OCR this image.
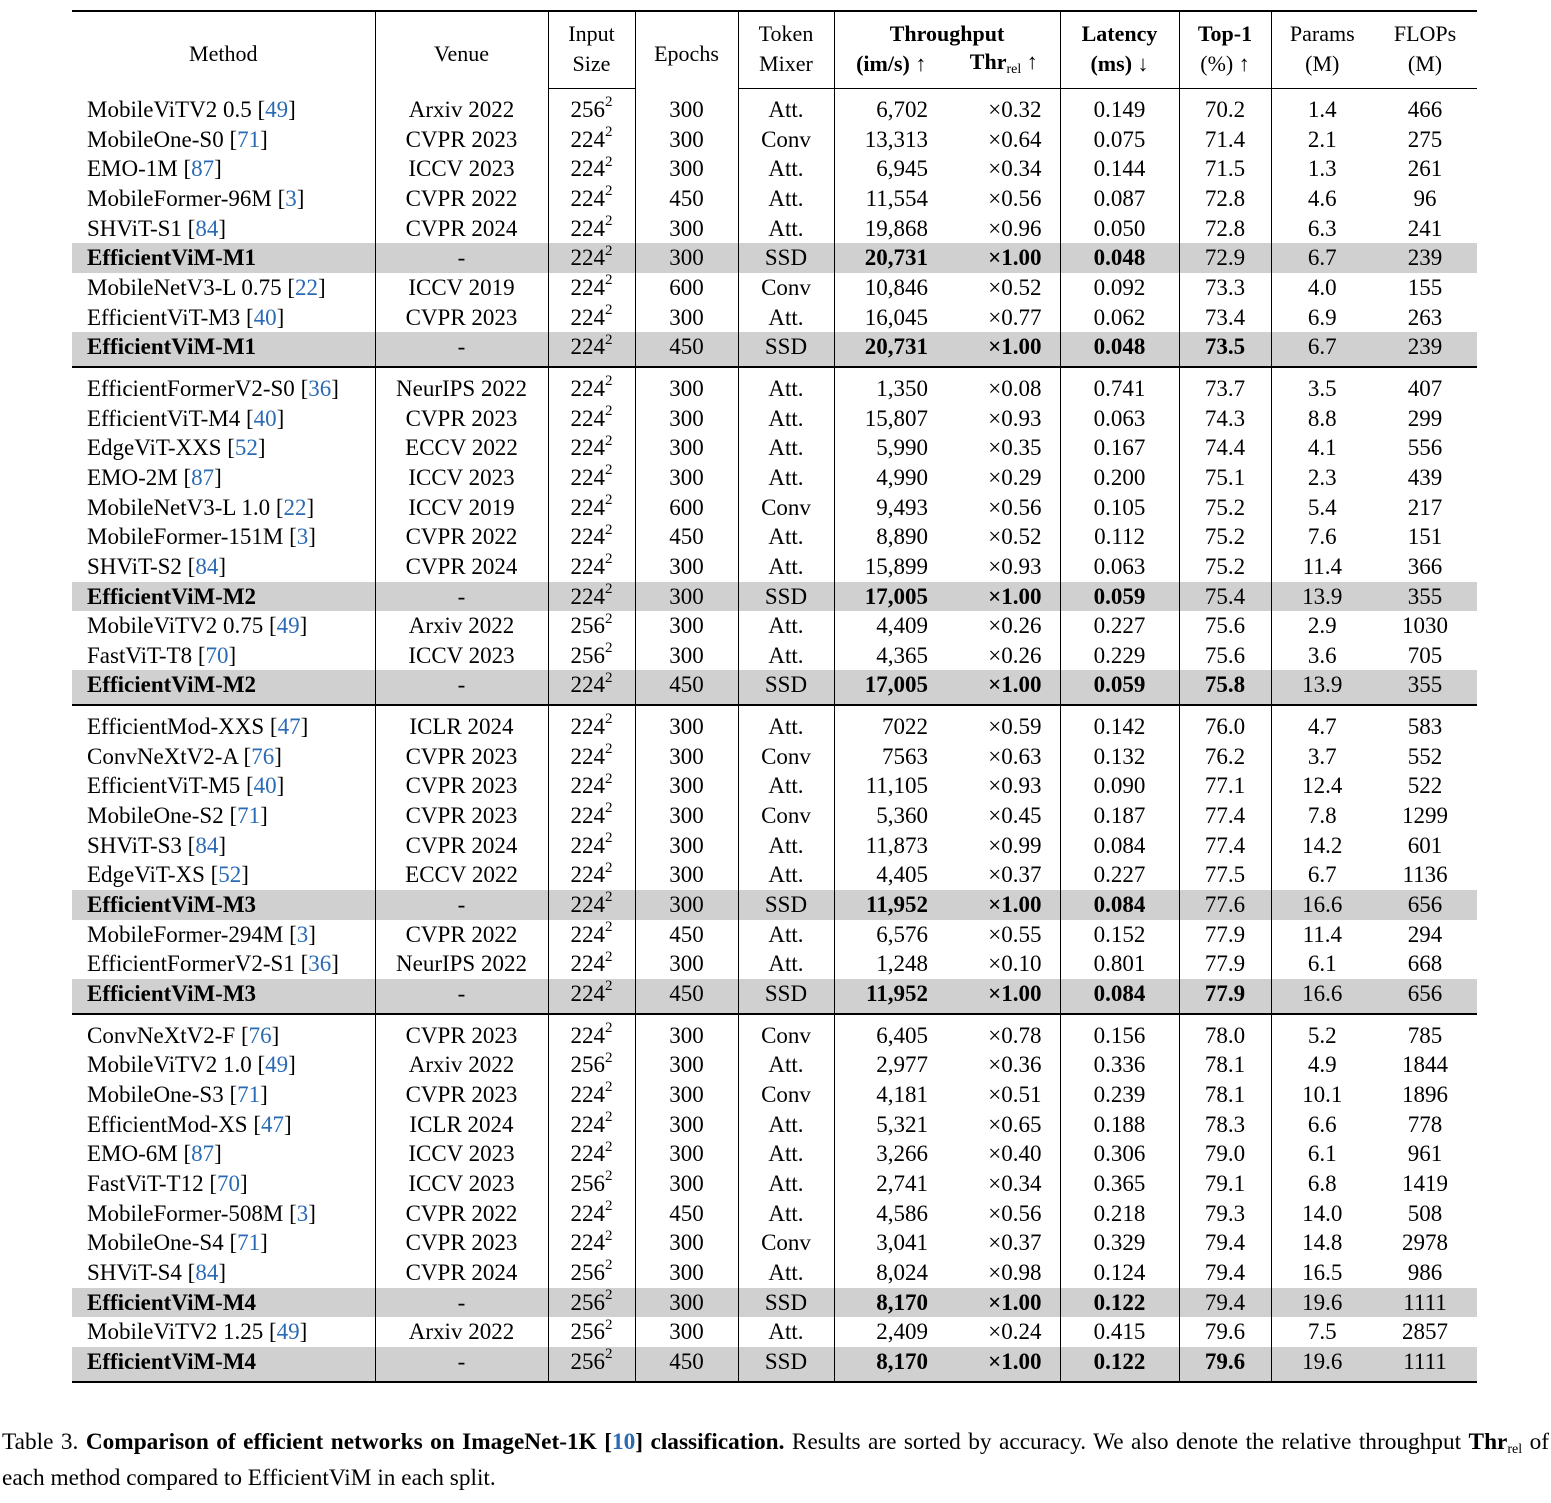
Method	Venue	Input	Epochs	Token	Throughput		Latency	Top-1	Params	FLOPs
		Size		Mixer	(im/s) ↑	Thrrel ↑	(ms) ↓	(%) ↑	(M)	(M)
MobileViTV2 0.5 [49]	Arxiv 2022	$256^2$	300	Att.	6,702	×0.32	0.149	70.2	1.4	466
MobileOne-S0 [71]	CVPR 2023	$224^2$	300	Conv	13,313	×0.64	0.075	71.4	2.1	275
EMO-1M [87]	ICCV 2023	$224^2$	300	Att.	6,945	×0.34	0.144	71.5	1.3	261
MobileFormer-96M [3]	CVPR 2022	$224^2$	450	Att.	11,554	×0.56	0.087	72.8	4.6	96
SHViT-S1 [84]	CVPR 2024	$224^2$	300	Att.	19,868	×0.96	0.050	72.8	6.3	241
EfficientViM-M1	-	$224^2$	300	SSD	20,731	×1.00	0.048	72.9	6.7	239
MobileNetV3-L 0.75 [22]	ICCV 2019	$224^2$	600	Conv	10,846	×0.52	0.092	73.3	4.0	155
EfficientViT-M3 [40]	CVPR 2023	$224^2$	300	Att.	16,045	×0.77	0.062	73.4	6.9	263
EfficientViM-M1	-	$224^2$	450	SSD	20,731	×1.00	0.048	73.5	6.7	239
EfficientFormerV2-S0 [36]	NeurIPS 2022	$224^2$	300	Att.	1,350	×0.08	0.741	73.7	3.5	407
EfficientViT-M4 [40]	CVPR 2023	$224^2$	300	Att.	15,807	×0.93	0.063	74.3	8.8	299
EdgeViT-XXS [52]	ECCV 2022	$224^2$	300	Att.	5,990	×0.35	0.167	74.4	4.1	556
EMO-2M [87]	ICCV 2023	$224^2$	300	Att.	4,990	×0.29	0.200	75.1	2.3	439
MobileNetV3-L 1.0 [22]	ICCV 2019	$224^2$	600	Conv	9,493	×0.56	0.105	75.2	5.4	217
MobileFormer-151M [3]	CVPR 2022	$224^2$	450	Att.	8,890	×0.52	0.112	75.2	7.6	151
SHViT-S2 [84]	CVPR 2024	$224^2$	300	Att.	15,899	×0.93	0.063	75.2	11.4	366
EfficientViM-M2	-	$224^2$	300	SSD	17,005	×1.00	0.059	75.4	13.9	355
MobileViTV2 0.75 [49]	Arxiv 2022	$256^2$	300	Att.	4,409	×0.26	0.227	75.6	2.9	1030
FastViT-T8 [70]	ICCV 2023	$256^2$	300	Att.	4,365	×0.26	0.229	75.6	3.6	705
EfficientViM-M2	-	$224^2$	450	SSD	17,005	×1.00	0.059	75.8	13.9	355
EfficientMod-XXS [47]	ICLR 2024	$224^2$	300	Att.	7022	×0.59	0.142	76.0	4.7	583
ConvNeXtV2-A [76]	CVPR 2023	$224^2$	300	Conv	7563	×0.63	0.132	76.2	3.7	552
EfficientViT-M5 [40]	CVPR 2023	$224^2$	300	Att.	11,105	×0.93	0.090	77.1	12.4	522
MobileOne-S2 [71]	CVPR 2023	$224^2$	300	Conv	5,360	×0.45	0.187	77.4	7.8	1299
SHViT-S3 [84]	CVPR 2024	$224^2$	300	Att.	11,873	×0.99	0.084	77.4	14.2	601
EdgeViT-XS [52]	ECCV 2022	$224^2$	300	Att.	4,405	×0.37	0.227	77.5	6.7	1136
EfficientViM-M3	-	$224^2$	300	SSD	11,952	×1.00	0.084	77.6	16.6	656
MobileFormer-294M [3]	CVPR 2022	$224^2$	450	Att.	6,576	×0.55	0.152	77.9	11.4	294
EfficientFormerV2-S1 [36]	NeurIPS 2022	$224^2$	300	Att.	1,248	×0.10	0.801	77.9	6.1	668
EfficientViM-M3	-	$224^2$	450	SSD	11,952	×1.00	0.084	77.9	16.6	656
ConvNeXtV2-F [76]	CVPR 2023	$224^2$	300	Conv	6,405	×0.78	0.156	78.0	5.2	785
MobileViTV2 1.0 [49]	Arxiv 2022	$256^2$	300	Att.	2,977	×0.36	0.336	78.1	4.9	1844
MobileOne-S3 [71]	CVPR 2023	$224^2$	300	Conv	4,181	×0.51	0.239	78.1	10.1	1896
EfficientMod-XS [47]	ICLR 2024	$224^2$	300	Att.	5,321	×0.65	0.188	78.3	6.6	778
EMO-6M [87]	ICCV 2023	$224^2$	300	Att.	3,266	×0.40	0.306	79.0	6.1	961
FastViT-T12 [70]	ICCV 2023	$256^2$	300	Att.	2,741	×0.34	0.365	79.1	6.8	1419
MobileFormer-508M [3]	CVPR 2022	$224^2$	450	Att.	4,586	×0.56	0.218	79.3	14.0	508
MobileOne-S4 [71]	CVPR 2023	$224^2$	300	Conv	3,041	×0.37	0.329	79.4	14.8	2978
SHViT-S4 [84]	CVPR 2024	$256^2$	300	Att.	8,024	×0.98	0.124	79.4	16.5	986
EfficientViM-M4	-	$256^2$	300	SSD	8,170	×1.00	0.122	79.4	19.6	1111
MobileViTV2 1.25 [49]	Arxiv 2022	$256^2$	300	Att.	2,409	×0.24	0.415	79.6	7.5	2857
EfficientViM-M4	-	$256^2$	450	SSD	8,170	×1.00	0.122	79.6	19.6	1111
Table 3. Comparison of efficient networks on ImageNet-1K [10] classification. Results are sorted by accuracy. We also denote the relative throughput Thrrel of each method compared to EfficientViM in each split.
